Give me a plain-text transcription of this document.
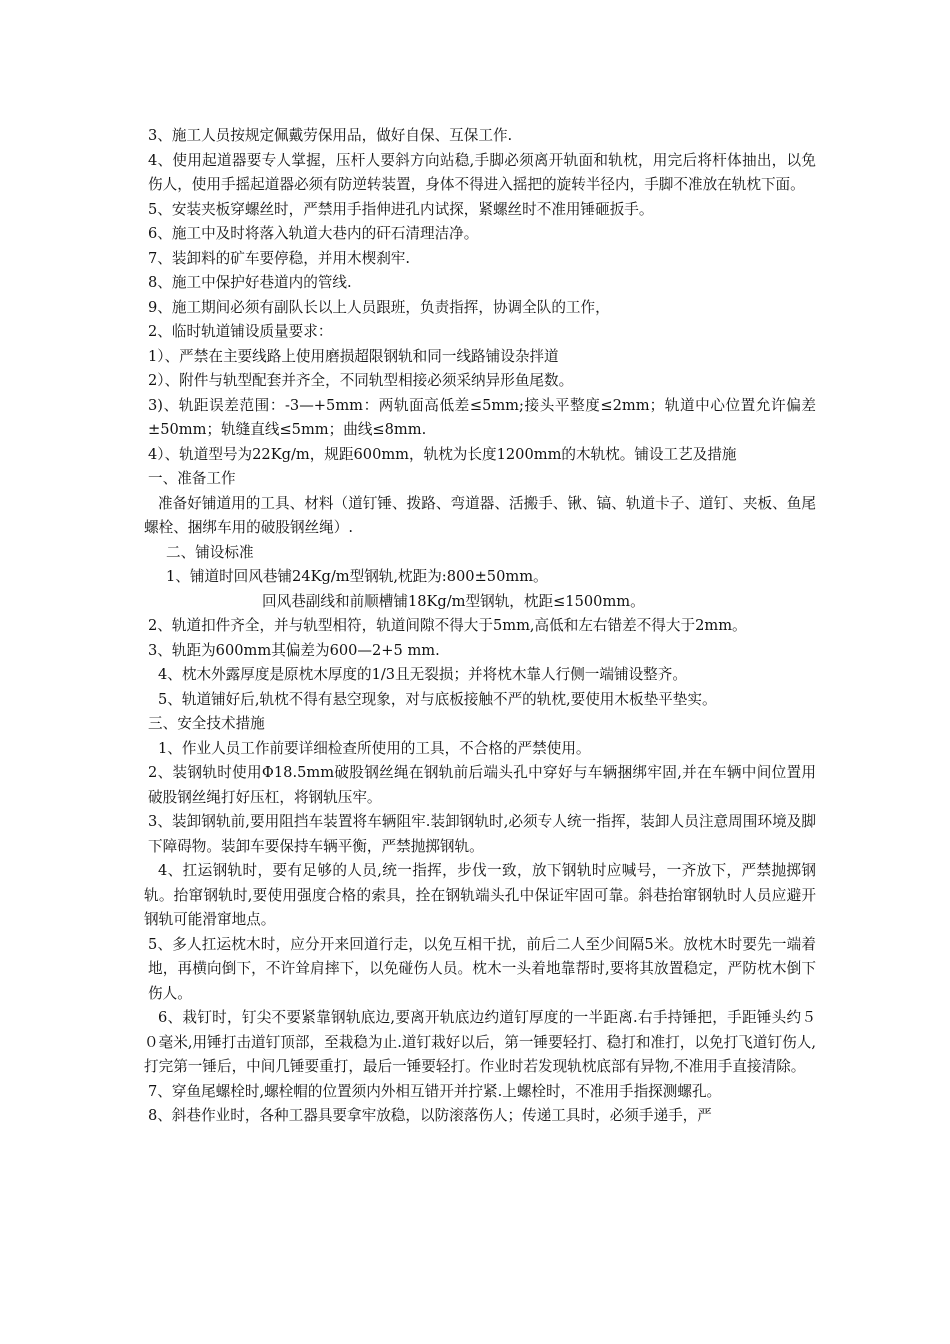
3、施工人员按规定佩戴劳保用品，做好自保、互保工作.

4、使用起道器要专人掌握，压杆人要斜方向站稳,手脚必须离开轨面和轨枕，用完后将杆体抽出，以免伤人，使用手摇起道器必须有防逆转装置，身体不得进入摇把的旋转半径内，手脚不准放在轨枕下面。

5、安装夹板穿螺丝时，严禁用手指伸进孔内试探，紧螺丝时不准用锤砸扳手。

6、施工中及时将落入轨道大巷内的矸石清理洁净。

7、装卸料的矿车要停稳，并用木楔刹牢.

8、施工中保护好巷道内的管线.

9、施工期间必须有副队长以上人员跟班，负责指挥，协调全队的工作，

2、临时轨道铺设质量要求：

1）、严禁在主要线路上使用磨损超限钢轨和同一线路铺设杂拌道

2）、附件与轨型配套并齐全，不同轨型相接必须采纳异形鱼尾数。

3)、轨距误差范围：-3—+5mm：两轨面高低差≤5mm;接头平整度≤2mm；轨道中心位置允许偏差±50mm；轨缝直线≤5mm；曲线≤8mm.

4）、轨道型号为22Kg/m，规距600mm，轨枕为长度1200mm的木轨枕。铺设工艺及措施

一、准备工作

准备好铺道用的工具、材料（道钉锤、拨路、弯道器、活搬手、锹、镐、轨道卡子、道钉、夹板、鱼尾螺栓、捆绑车用的破股钢丝绳）.

二、铺设标准

1、铺道时回风巷铺24Kg/m型钢轨,枕距为:800±50mm。

回风巷副线和前顺槽铺18Kg/m型钢轨，枕距≤1500mm。

2、轨道扣件齐全，并与轨型相符，轨道间隙不得大于5mm,高低和左右错差不得大于2mm。

3、轨距为600mm其偏差为600—2+5 mm.

4、枕木外露厚度是原枕木厚度的1/3且无裂损；并将枕木靠人行侧一端铺设整齐。

5、轨道铺好后,轨枕不得有悬空现象，对与底板接触不严的轨枕,要使用木板垫平垫实。

三、安全技术措施

1、作业人员工作前要详细检查所使用的工具，不合格的严禁使用。

2、装钢轨时使用Φ18.5mm破股钢丝绳在钢轨前后端头孔中穿好与车辆捆绑牢固,并在车辆中间位置用破股钢丝绳打好压杠，将钢轨压牢。

3、装卸钢轨前,要用阻挡车装置将车辆阻牢.装卸钢轨时,必须专人统一指挥，装卸人员注意周围环境及脚下障碍物。装卸车要保持车辆平衡，严禁抛掷钢轨。

4、扛运钢轨时，要有足够的人员,统一指挥，步伐一致，放下钢轨时应喊号，一齐放下，严禁抛掷钢轨。抬窜钢轨时,要使用强度合格的索具，拴在钢轨端头孔中保证牢固可靠。斜巷抬窜钢轨时人员应避开钢轨可能滑窜地点。

5、多人扛运枕木时，应分开来回道行走，以免互相干扰，前后二人至少间隔5米。放枕木时要先一端着地，再横向倒下，不许耸肩摔下，以免碰伤人员。枕木一头着地靠帮时,要将其放置稳定，严防枕木倒下伤人。

6、栽钉时，钉尖不要紧靠钢轨底边,要离开轨底边约道钉厚度的一半距离.右手持锤把，手距锤头约５０毫米,用锤打击道钉顶部，至栽稳为止.道钉栽好以后，第一锤要轻打、稳打和准打，以免打飞道钉伤人,打完第一锤后，中间几锤要重打，最后一锤要轻打。作业时若发现轨枕底部有异物,不准用手直接清除。

7、穿鱼尾螺栓时,螺栓帽的位置须内外相互错开并拧紧.上螺栓时，不准用手指探测螺孔。

8、斜巷作业时，各种工器具要拿牢放稳，以防滚落伤人；传递工具时，必须手递手，严
